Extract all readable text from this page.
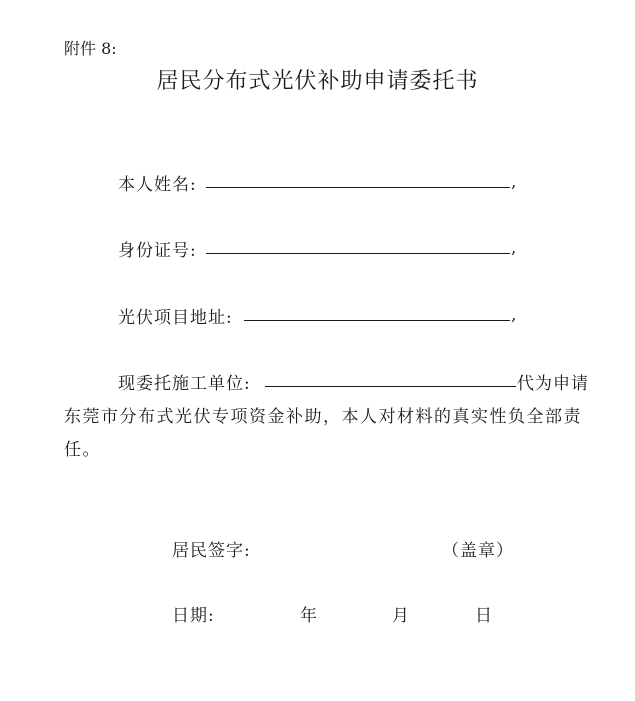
附件 8:
居民分布式光伏补助申请委托书
本人姓名:	,
身份证号:	,
光伏项目地址:	,
现委托施工单位:	代为申请
东莞市分布式光伏专项资金补助，本人对材料的真实性负全部责
任。
居民签字:	（盖章）
日期:	年	月	日
